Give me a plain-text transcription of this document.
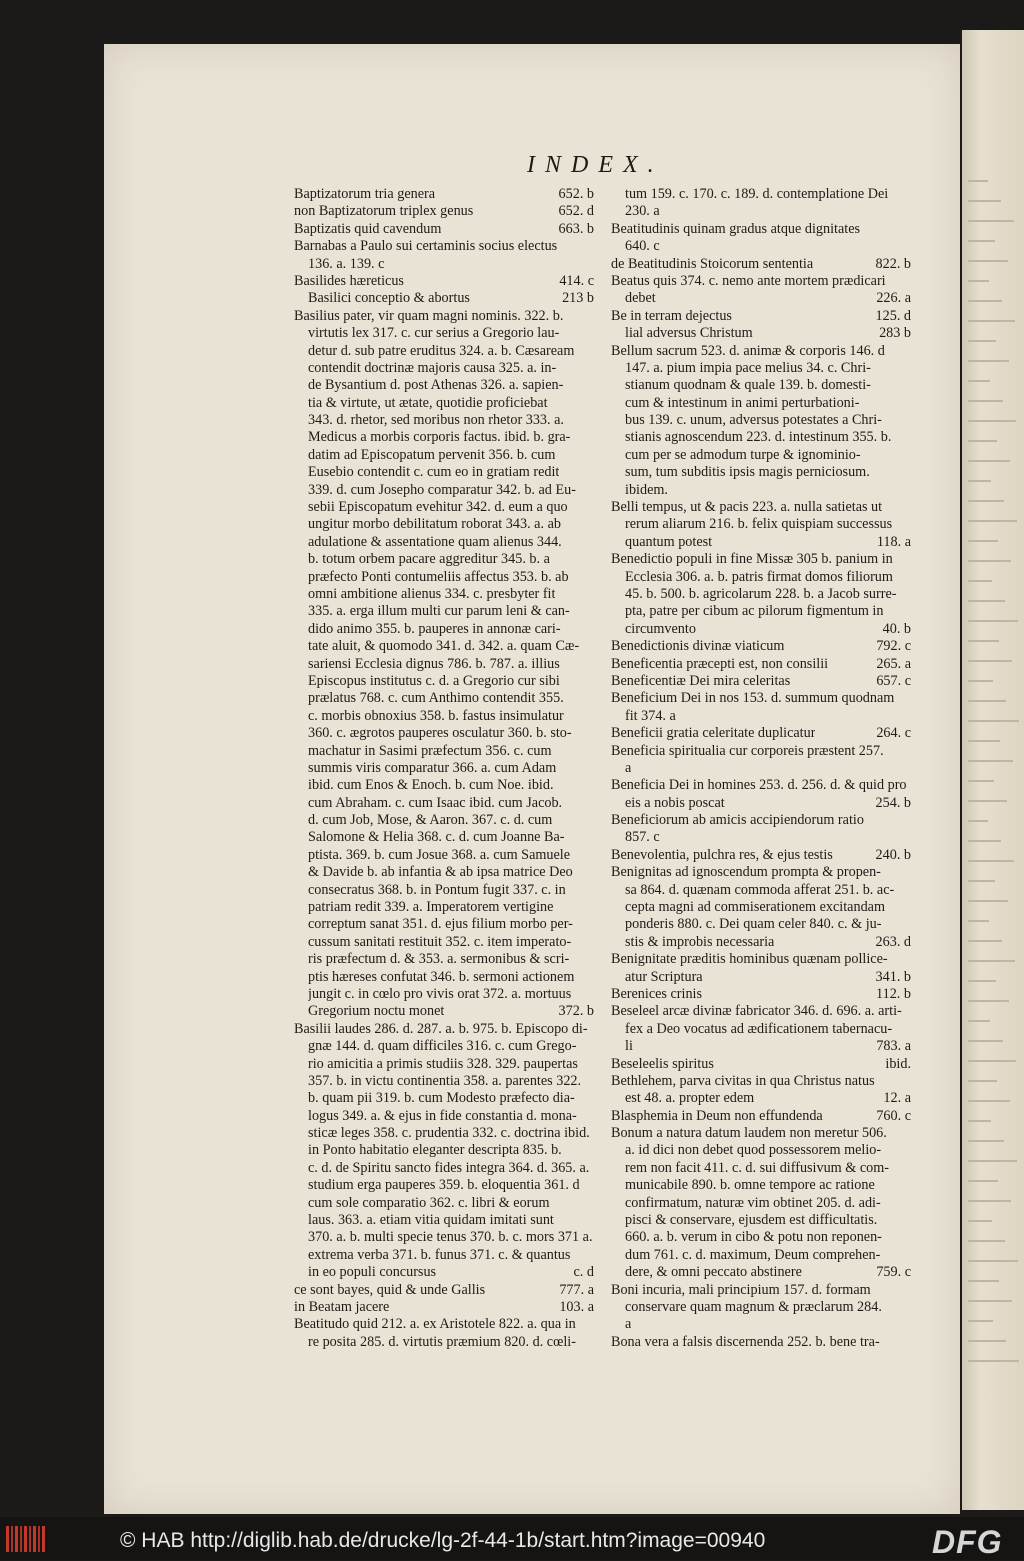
INDEX.
Baptizatorum tria genera	652. b
non Baptizatorum triplex genus	652. d
Baptizatis quid cavendum	663. b
Barnabas a Paulo sui certaminis socius electus
136. a. 139. c
Basilides hæreticus	414. c
Basilici conceptio & abortus	213 b
Basilius pater, vir quam magni nominis. 322. b.
virtutis lex 317. c. cur serius a Gregorio lau-
detur d. sub patre eruditus 324. a. b. Cæsaream
contendit doctrinæ majoris causa 325. a. in-
de Bysantium d. post Athenas 326. a. sapien-
tia & virtute, ut ætate, quotidie proficiebat
343. d. rhetor, sed moribus non rhetor 333. a.
Medicus a morbis corporis factus. ibid. b. gra-
datim ad Episcopatum pervenit 356. b. cum
Eusebio contendit c. cum eo in gratiam redit
339. d. cum Josepho comparatur 342. b. ad Eu-
sebii Episcopatum evehitur 342. d. eum a quo
ungitur morbo debilitatum roborat 343. a. ab
adulatione & assentatione quam alienus 344.
b. totum orbem pacare aggreditur 345. b. a
præfecto Ponti contumeliis affectus 353. b. ab
omni ambitione alienus 334. c. presbyter fit
335. a. erga illum multi cur parum leni & can-
dido animo 355. b. pauperes in annonæ cari-
tate aluit, & quomodo 341. d. 342. a. quam Cæ-
sariensi Ecclesia dignus 786. b. 787. a. illius
Episcopus institutus c. d. a Gregorio cur sibi
prælatus 768. c. cum Anthimo contendit 355.
c. morbis obnoxius 358. b. fastus insimulatur
360. c. ægrotos pauperes osculatur 360. b. sto-
machatur in Sasimi præfectum 356. c. cum
summis viris comparatur 366. a. cum Adam
ibid. cum Enos & Enoch. b. cum Noe. ibid.
cum Abraham. c. cum Isaac ibid. cum Jacob.
d. cum Job, Mose, & Aaron. 367. c. d. cum
Salomone & Helia 368. c. d. cum Joanne Ba-
ptista. 369. b. cum Josue 368. a. cum Samuele
& Davide b. ab infantia & ab ipsa matrice Deo
consecratus 368. b. in Pontum fugit 337. c. in
patriam redit 339. a. Imperatorem vertigine
correptum sanat 351. d. ejus filium morbo per-
cussum sanitati restituit 352. c. item imperato-
ris præfectum d. & 353. a. sermonibus & scri-
ptis hæreses confutat 346. b. sermoni actionem
jungit c. in cœlo pro vivis orat 372. a. mortuus
Gregorium noctu monet	372. b
Basilii laudes 286. d. 287. a. b. 975. b. Episcopo di-
gnæ 144. d. quam difficiles 316. c. cum Grego-
rio amicitia a primis studiis 328. 329. paupertas
357. b. in victu continentia 358. a. parentes 322.
b. quam pii 319. b. cum Modesto præfecto dia-
logus 349. a. & ejus in fide constantia d. mona-
sticæ leges 358. c. prudentia 332. c. doctrina ibid.
in Ponto habitatio eleganter descripta 835. b.
c. d. de Spiritu sancto fides integra 364. d. 365. a.
studium erga pauperes 359. b. eloquentia 361. d
cum sole comparatio 362. c. libri & eorum
laus. 363. a. etiam vitia quidam imitati sunt
370. a. b. multi specie tenus 370. b. c. mors 371 a.
extrema verba 371. b. funus 371. c. & quantus
in eo populi concursus	c. d
ce sont bayes, quid & unde Gallis	777. a
in Beatam jacere	103. a
Beatitudo quid 212. a. ex Aristotele 822. a. qua in
re posita 285. d. virtutis præmium 820. d. cœli-
tum 159. c. 170. c. 189. d. contemplatione Dei
230. a
Beatitudinis quinam gradus atque dignitates
640. c
de Beatitudinis Stoicorum sententia	822. b
Beatus quis 374. c. nemo ante mortem prædicari
debet	226. a
Be in terram dejectus	125. d
lial adversus Christum	283 b
Bellum sacrum 523. d. animæ & corporis 146. d
147. a. pium impia pace melius 34. c. Chri-
stianum quodnam & quale 139. b. domesti-
cum & intestinum in animi perturbationi-
bus 139. c. unum, adversus potestates a Chri-
stianis agnoscendum 223. d. intestinum 355. b.
cum per se admodum turpe & ignominio-
sum, tum subditis ipsis magis perniciosum.
ibidem.
Belli tempus, ut & pacis 223. a. nulla satietas ut
rerum aliarum 216. b. felix quispiam successus
quantum potest	118. a
Benedictio populi in fine Missæ 305 b. panium in
Ecclesia 306. a. b. patris firmat domos filiorum
45. b. 500. b. agricolarum 228. b. a Jacob surre-
pta, patre per cibum ac pilorum figmentum in
circumvento	40. b
Benedictionis divinæ viaticum	792. c
Beneficentia præcepti est, non consilii	265. a
Beneficentiæ Dei mira celeritas	657. c
Beneficium Dei in nos 153. d. summum quodnam
fit 374. a
Beneficii gratia celeritate duplicatur	264. c
Beneficia spiritualia cur corporeis præstent 257.
a
Beneficia Dei in homines 253. d. 256. d. & quid pro
eis a nobis poscat	254. b
Beneficiorum ab amicis accipiendorum ratio
857. c
Benevolentia, pulchra res, & ejus testis	240. b
Benignitas ad ignoscendum prompta & propen-
sa 864. d. quænam commoda afferat 251. b. ac-
cepta magni ad commiserationem excitandam
ponderis 880. c. Dei quam celer 840. c. & ju-
stis & improbis necessaria	263. d
Benignitate præditis hominibus quænam pollice-
atur Scriptura	341. b
Berenices crinis	112. b
Beseleel arcæ divinæ fabricator 346. d. 696. a. arti-
fex a Deo vocatus ad ædificationem tabernacu-
li	783. a
Beseleelis spiritus	ibid.
Bethlehem, parva civitas in qua Christus natus
est 48. a. propter edem	12. a
Blasphemia in Deum non effundenda	760. c
Bonum a natura datum laudem non meretur 506.
a. id dici non debet quod possessorem melio-
rem non facit 411. c. d. sui diffusivum & com-
municabile 890. b. omne tempore ac ratione
confirmatum, naturæ vim obtinet 205. d. adi-
pisci & conservare, ejusdem est difficultatis.
660. a. b. verum in cibo & potu non reponen-
dum 761. c. d. maximum, Deum comprehen-
dere, & omni peccato abstinere	759. c
Boni incuria, mali principium 157. d. formam
conservare quam magnum & præclarum 284.
a
Bona vera a falsis discernenda 252. b. bene tra-
© HAB http://diglib.hab.de/drucke/lg-2f-44-1b/start.htm?image=00940	DFG
